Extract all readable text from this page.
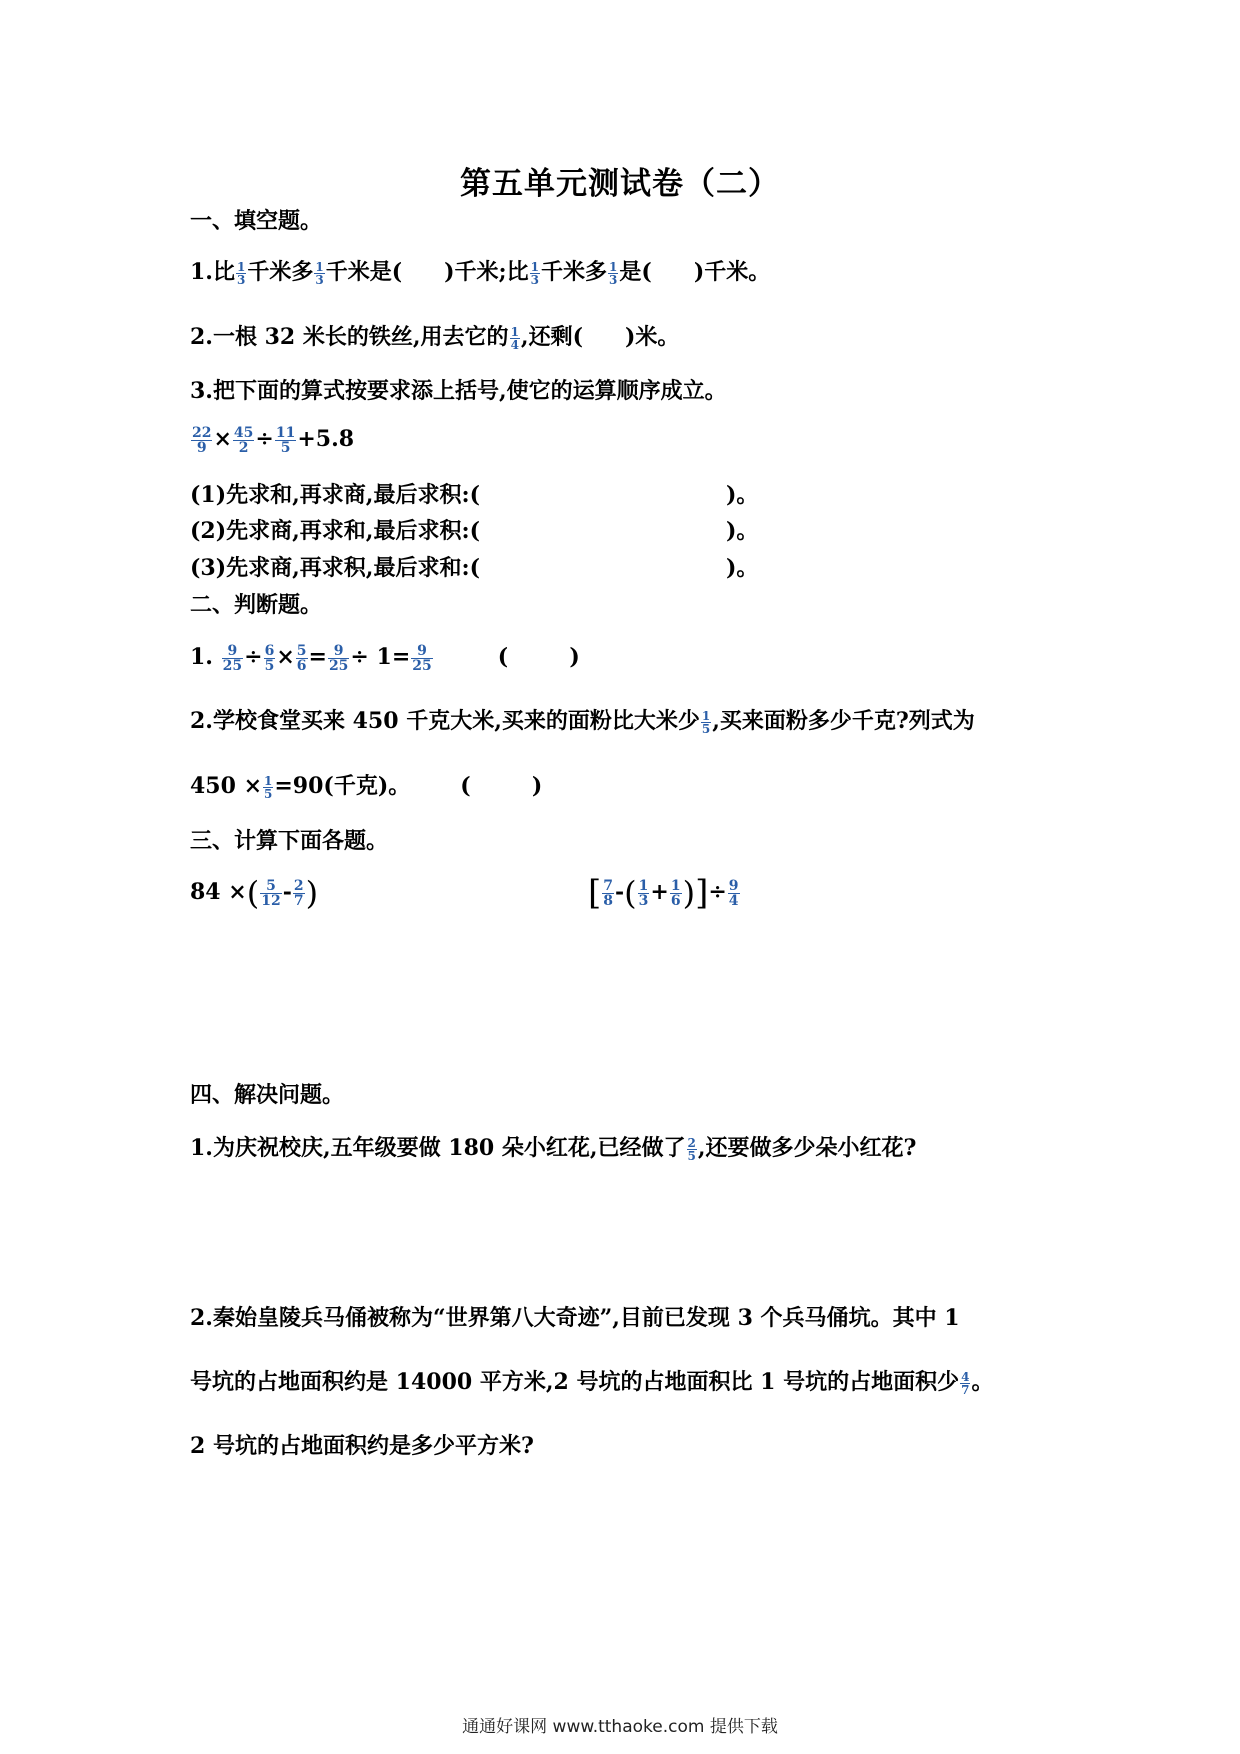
第五单元测试卷（二）
一、填空题。
1.比 $\frac{1}{3}$ 千米多 $\frac{1}{3}$ 千米是( )千米;比 $\frac{1}{3}$ 千米多 $\frac{1}{3}$ 是( )千米。
2.一根 32 米长的铁丝,用去它的 $\frac{1}{4}$ ,还剩( )米。
3.把下面的算式按要求添上括号,使它的运算顺序成立。
$\frac{22}{9} \times \frac{45}{2} \div \frac{11}{5} +5.8$
(1)先求和,再求商,最后求积:(	)。
(2)先求商,再求和,最后求积:(	)。
(3)先求商,再求积,最后求和:(	)。
二、判断题。
1. $\frac{9}{25} \div \frac{6}{5} \times \frac{5}{6} = \frac{9}{25} \div 1= \frac{9}{25}$	(        )
2.学校食堂买来 450 千克大米,买来的面粉比大米少 $\frac{1}{5}$ ,买来面粉多少千克?列式为
$450 \times \frac{1}{5} =90$(千克)。 (        )
三、计算下面各题。
84 ×( $\frac{5}{12} - \frac{2}{7}$ )	[ $\frac{7}{8}$ -( $\frac{1}{3} + \frac{1}{6}$ )]÷ $\frac{9}{4}$
四、解决问题。
1.为庆祝校庆,五年级要做 180 朵小红花,已经做了 $\frac{2}{5}$ ,还要做多少朵小红花?
2.秦始皇陵兵马俑被称为“世界第八大奇迹”,目前已发现 3 个兵马俑坑。其中 1
号坑的占地面积约是 14000 平方米,2 号坑的占地面积比 1 号坑的占地面积少 $\frac{4}{7}$ 。
2 号坑的占地面积约是多少平方米?
通通好课网 www.tthaoke.com 提供下载
